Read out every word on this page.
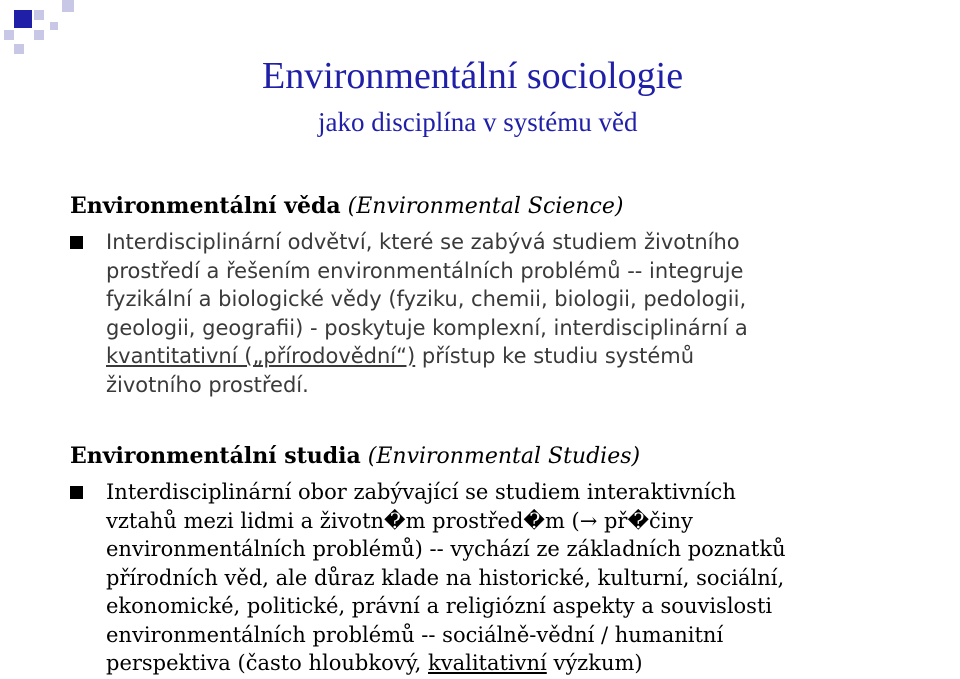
Environmentální sociologie
jako disciplína v systému věd
Environmentální věda (Environmental Science)
Interdisciplinární odvětví, které se zabývá studiem životního
prostředí a řešením environmentálních problémů -- integruje
fyzikální a biologické vědy (fyziku, chemii, biologii, pedologii,
geologii, geografii) - poskytuje komplexní, interdisciplinární a
kvantitativní („přírodovědní“) přístup ke studiu systémů
životního prostředí.
Environmentální studia (Environmental Studies)
Interdisciplinární obor zabývající se studiem interaktivních
vztahů mezi lidmi a životn�m prostřed�m (→ př�činy
environmentálních problémů) -- vychází ze základních poznatků
přírodních věd, ale důraz klade na historické, kulturní, sociální,
ekonomické, politické, právní a religiózní aspekty a souvislosti
environmentálních problémů -- sociálně-vědní / humanitní
perspektiva (často hloubkový, kvalitativní výzkum)
